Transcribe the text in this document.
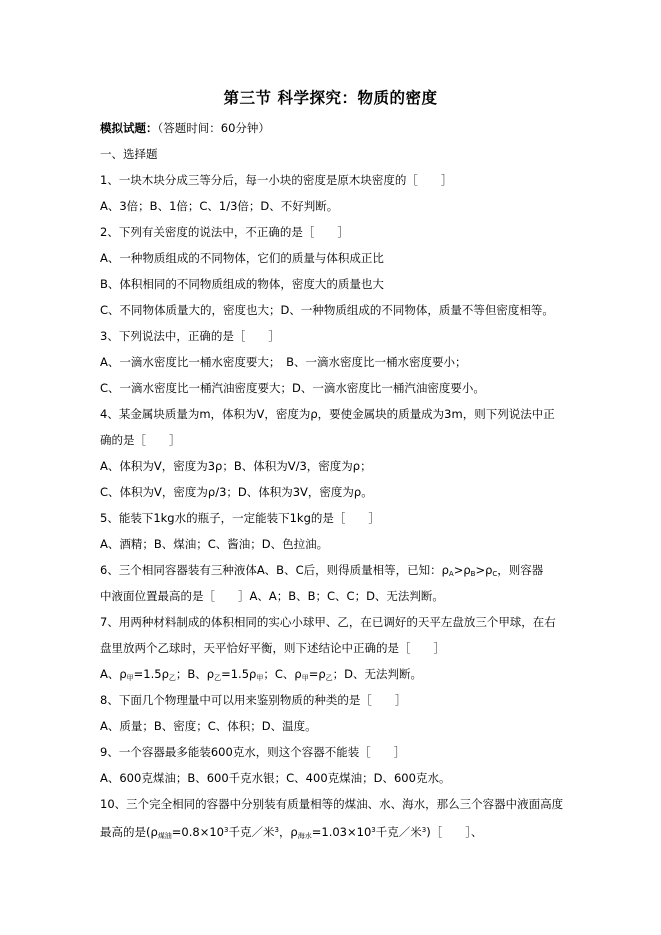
第三节 科学探究：物质的密度
模拟试题：（答题时间：60分钟）
一、选择题
1、一块木块分成三等分后，每一小块的密度是原木块密度的［　　］
A、3倍；B、1倍；C、1/3倍；D、不好判断。
2、下列有关密度的说法中，不正确的是［　　］
A、一种物质组成的不同物体，它们的质量与体积成正比
B、体积相同的不同物质组成的物体，密度大的质量也大
C、不同物体质量大的，密度也大；D、一种物质组成的不同物体，质量不等但密度相等。
3、下列说法中，正确的是［　　］
A、一滴水密度比一桶水密度要大；　B、一滴水密度比一桶水密度要小；
C、一滴水密度比一桶汽油密度要大；D、一滴水密度比一桶汽油密度要小。
4、某金属块质量为m，体积为V，密度为ρ，要使金属块的质量成为3m，则下列说法中正
确的是［　　］
A、体积为V，密度为3ρ；B、体积为V/3，密度为ρ；
C、体积为V，密度为ρ/3；D、体积为3V，密度为ρ。
5、能装下1kg水的瓶子，一定能装下1kg的是［　　］
A、酒精；B、煤油；C、酱油；D、色拉油。
6、三个相同容器装有三种液体A、B、C后，则得质量相等，已知：$\rho_A>\rho_B>\rho_C$，则容器
中液面位置最高的是［　　］A、A；B、B；C、C；D、无法判断。
7、用两种材料制成的体积相同的实心小球甲、乙，在已调好的天平左盘放三个甲球，在右
盘里放两个乙球时，天平恰好平衡，则下述结论中正确的是［　　］
A、$\rho_甲=1.5\rho_乙$；B、$\rho_乙=1.5\rho_甲$；C、$\rho_甲=\rho_乙$；D、无法判断。
8、下面几个物理量中可以用来鉴别物质的种类的是［　　］
A、质量；B、密度；C、体积；D、温度。
9、一个容器最多能装600克水，则这个容器不能装［　　］
A、600克煤油；B、600千克水银；C、400克煤油；D、600克水。
10、三个完全相同的容器中分别装有质量相等的煤油、水、海水，那么三个容器中液面高度
最高的是($\rho_{煤油}=0.8\times 10^3$千克／米$^3$，$\rho_{海水}=1.03\times 10^3$千克／米$^3$)［　　］、
